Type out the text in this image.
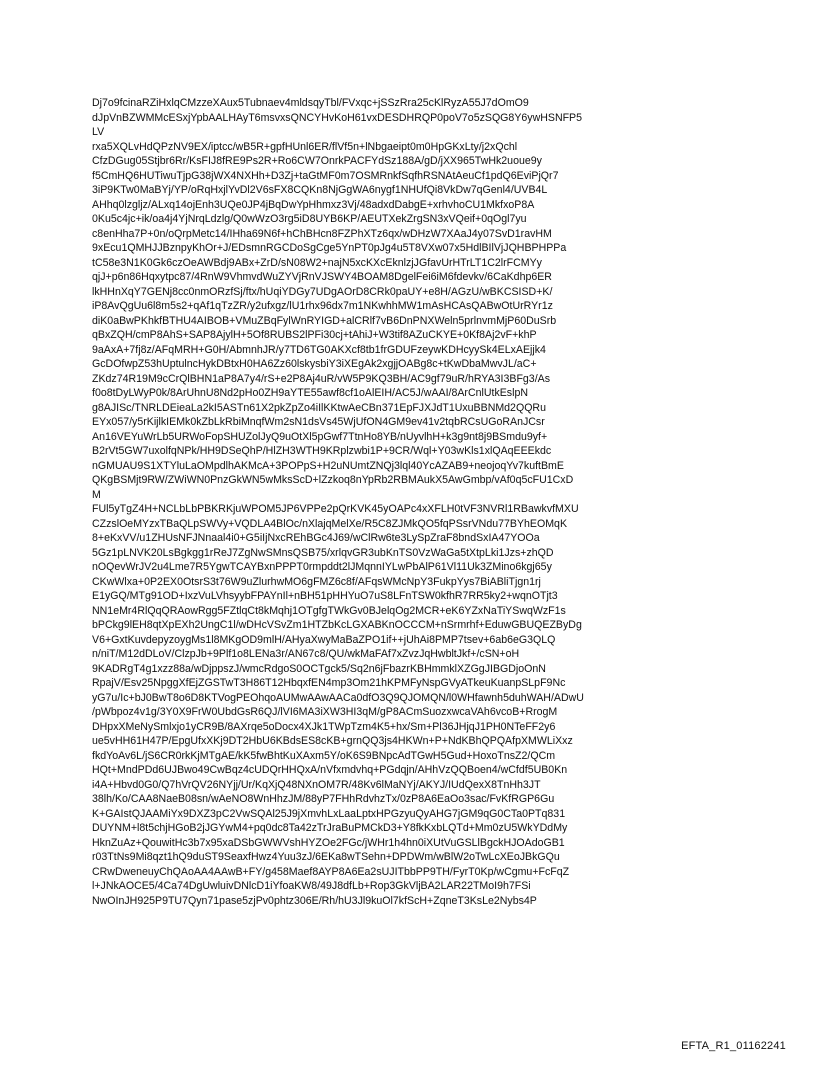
Dj7o9fcinaRZiHxlqCMzzeXAux5Tubnaev4mldsqyTbl/FVxqc+jSSzRra25cKlRyzA55J7dOmO9
dJpVnBZWMMcESxjYpbAALHAyT6msvxsQNCYHvKoH61vxDESDHRQP0poV7o5zSQG8Y6ywHSNFP5
LV
rxa5XQLvHdQPzNV9EX/iptcc/wB5R+gpfHUnl6ER/flVf5n+lNbgaeipt0m0HpGKxLty/j2xQchl
CfzDGug05Stjbr6Rr/KsFIJ8fRE9Ps2R+Ro6CW7OnrkPACFYdSz188A/gD/jXX965TwHk2uoue9y
f5CmHQ6HUTiwuTjpG38jWX4NXHh+D3Zj+taGtMF0m7OSMRnkfSqfhRSNAtAeuCf1pdQ6EviPjQr7
3iP9KTw0MaBYj/YP/oRqHxjlYvDl2V6sFX8CQKn8NjGgWA6nygf1NHUfQi8VkDw7qGenl4/UVB4L
AHhq0lzgljz/ALxq14ojEnh3UQe0JP4jBqDwYpHhmxz3Vj/48adxdDabgE+xrhvhoCU1MkfxoP8A
0Ku5c4jc+ik/oa4j4YjNrqLdzlg/Q0wWzO3rg5iD8UYB6KP/AEUTXekZrgSN3xVQeif+0qOgl7yu
c8enHha7P+0n/oQrpMetc14/IHha69N6f+hChBHcn8FZPhXTz6qx/wDHzW7XAaJ4y07SvD1ravHM
9xEcu1QMHJJBznpyKhOr+J/EDsmnRGCDoSgCge5YnPT0pJg4u5T8VXw07x5HdlBIlVjJQHBPHPPa
tC58e3N1K0Gk6czOeAWBdj9ABx+ZrD/sN08W2+najN5xcKXcEknlzjJGfavUrHTrLT1C2lrFCMYy
qjJ+p6n86Hqxytpc87/4RnW9VhmvdWuZYVjRnVJSWY4BOAM8DgelFei6iM6fdevkv/6CaKdhp6ER
lkHHnXqY7GENj8cc0nmORzfSj/ftx/hUqiYDGy7UDgAOrD8CRk0paUY+e8H/AGzU/wBKCSISD+K/
iP8AvQgUu6l8m5s2+qAf1qTzZR/y2ufxgz/lU1rhx96dx7m1NKwhhMW1mAsHCAsQABwOtUrRYr1z
diK0aBwPKhkfBTHU4AIBOB+VMuZBqFylWnRYIGD+alCRlf7vB6DnPNXWeln5prlnvmMjP60DuSrb
qBxZQH/cmP8AhS+SAP8AjylH+5Of8RUBS2lPFi30cj+tAhiJ+W3tif8AZuCKYE+0Kf8Aj2vF+khP
9aAxA+7fj8z/AFqMRH+G0H/AbmnhJR/y7TD6TG0AKXcf8tb1frGDUFzeywKDHcyySk4ELxAEjjk4
GcDOfwpZ53hUptulncHykDBtxH0HA6Zz60lskysbiY3iXEgAk2xgjjOABg8c+tKwDbaMwvJL/aC+
ZKdz74R19M9cCrQlBHN1aP8A7y4/rS+e2P8Aj4uR/vW5P9KQ3BH/AC9gf79uR/hRYA3I3BFg3/As
f0o8tDyLWyP0k/8ArUhnU8Nd2pHo0ZH9aYTE55awf8cf1oAlEIH/AC5J/wAAI/8ArCnlUtkEslpN
g8AJISc/TNRLDEieaLa2kI5ASTn61X2pkZpZo4iIlKKtwAeCBn371EpFJXJdT1UxuBBNMd2QQRu
EYx057/y5rKijlkIEMk0kZbLkRbiMnqfWm2sN1dsVs45WjUfON4GM9ev41v2tqbRCsUGoRAnJCsr
An16VEYuWrLb5URWoFopSHUZolJyQ9uOtXl5pGwf7TtnHo8YB/nUyvlhH+k3g9nt8j9BSmdu9yf+
B2rVt5GW7uxolfqNPk/HH9DSeQhP/HlZH3WTH9KRplzwbi1P+9CR/Wql+Y03wKls1xlQAqEEEkdc
nGMUAU9S1XTYluLaOMpdlhAKMcA+3POPpS+H2uNUmtZNQj3lql40YcAZAB9+neojoqYv7kuftBmE
QKgBSMjt9RW/ZWiWN0PnzGkWN5wMksScD+lZzkoq8nYpRb2RBMAukX5AwGmbp/vAf0q5cFU1CxD
M
FUl5yTgZ4H+NCLbLbPBKRKjuWPOM5JP6VPPe2pQrKVK45yOAPc4xXFLH0tVF3NVRl1RBawkvfMXU
CZzslOeMYzxTBaQLpSWVy+VQDLA4BlOc/nXlajqMelXe/R5C8ZJMkQO5fqPSsrVNdu77BYhEOMqK
8+eKxVV/u1ZHUsNFJNnaal4i0+G5iIjNxcREhBGc4J69/wClRw6te3LySpZraF8bndSxIA47YOOa
5Gz1pLNVK20LsBgkgg1rReJ7ZgNwSMnsQSB75/xrlqvGR3ubKnTS0VzWaGa5tXtpLki1Jzs+zhQD
nOQevWrJV2u4Lme7R5YgwTCAYBxnPPPT0rmpddt2lJMqnnIYLwPbAlP61Vl11Uk3ZMino6kgj65y
CKwWlxa+0P2EX0OtsrS3t76W9uZlurhwMO6gFMZ6c8f/AFqsWMcNpY3FukpYys7BiABliTjgn1rj
E1yGQ/MTg91OD+IxzVuLVhsyybFPAYnIl+nBH51pHHYuO7uS8LFnTSW0kfhR7RR5ky2+wqnOTjt3
NN1eMr4RlQqQRAowRgg5FZtlqCt8kMqhj1OTgfgTWkGv0BJelqOg2MCR+eK6YZxNaTiYSwqWzF1s
bPCkg9lEH8qtXpEXh2UngC1l/wDHcVSvZm1HTZbKcLGXABKnOCCCM+nSrmrhf+EduwGBUQEZByDg
V6+GxtKuvdepyzoygMs1l8MKgOD9mlH/AHyaXwyMaBaZPO1if++jUhAi8PMP7tsev+6ab6eG3QLQ
n/niT/M12dDLoV/ClzpJb+9Plf1o8LENa3r/AN67c8/QU/wkMaFAf7xZvzJqHwbltJkf+/cSN+oH
9KADRgT4g1xzz88a/wDjppszJ/wmcRdgoS0OCTgck5/Sq2n6jFbazrKBHmmklXZGgJIBGDjoOnN
RpajV/Esv25NpggXfEjZGSTwT3H86T12HbqxfEN4mp3Om21hKPMFyNspGVyATkeuKuanpSLpF9Nc
yG7u/Ic+bJ0BwT8o6D8KTVogPEOhqoAUMwAAwAACa0dfO3Q9QJOMQN/l0WHfawnh5duhWAH/ADwU
/pWbpoz4v1g/3Y0X9FrW0UbdGsR6QJ/lVI6MA3iXW3HI3qM/gP8ACmSuozxwcaVAh6vcoB+RrogM
DHpxXMeNySmlxjo1yCR9B/8AXrqe5oDocx4XJk1TWpTzm4K5+hx/Sm+Pl36JHjqJ1PH0NTeFF2y6
ue5vHH61H47P/EpgUfxXKj9DT2HbU6KBdsES8cKB+grnQQ3js4HKWn+P+NdKBhQPQAfpXMWLiXxz
fkdYoAv6L/jS6CR0rkKjMTgAE/kK5fwBhtKuXAxm5Y/oK6S9BNpcAdTGwH5Gud+HoxoTnsZ2/QCm
HQt+MndPDd6UJBwo49CwBqz4cUDQrHHQxA/nVfxmdvhq+PGdqjn/AHhVzQQBoen4/wCfdf5UB0Kn
i4A+Hbvd0G0/Q7hVrQV26NYjj/Ur/KqXjQ48NXnOM7R/48Kv6lMaNYj/AKYJ/IUdQexX8TnHh3JT
38lh/Ko/CAA8NaeB08sn/wAeNO8WnHhzJM/88yP7FHhRdvhzTx/0zP8A6EaOo3sac/FvKfRGP6Gu
K+GAIstQJAAMiYx9DXZ3pC2VwSQAl25J9jXmvhLxLaaLptxHPGzyuQyAHG7jGM9qG0CTa0PTq831
DUYNM+l8t5chjHGoB2jJGYwM4+pq0dc8Ta42zTrJraBuPMCkD3+Y8fkKxbLQTd+Mm0zU5WkYDdMy
HknZuAz+QouwitHc3b7x95xaDSbGWWVshHYZOe2FGc/jWHr1h4hn0iXUtVuGSLlBgckHJOAdoGB1
r03TtNs9Mi8qzt1hQ9duST9SeaxfHwz4Yuu3zJ/6EKa8wTSehn+DPDWm/wBlW2oTwLcXEoJBkGQu
CRwDweneuyChQAoAA4AAwB+FY/g458Maef8AYP8A6Ea2sUJITbbPP9TH/FyrT0Kp/wCgmu+FcFqZ
l+JNkAOCE5/4Ca74DgUwluivDNlcD1iYfoaKW8/49J8dfLb+Rop3GkVljBA2LAR22TMoI9h7FSi
NwOInJH925P9TU7Qyn71pase5zjPv0phtz306E/Rh/hU3Jl9kuOl7kfScH+ZqneT3KsLe2Nybs4P
EFTA_R1_01162241
